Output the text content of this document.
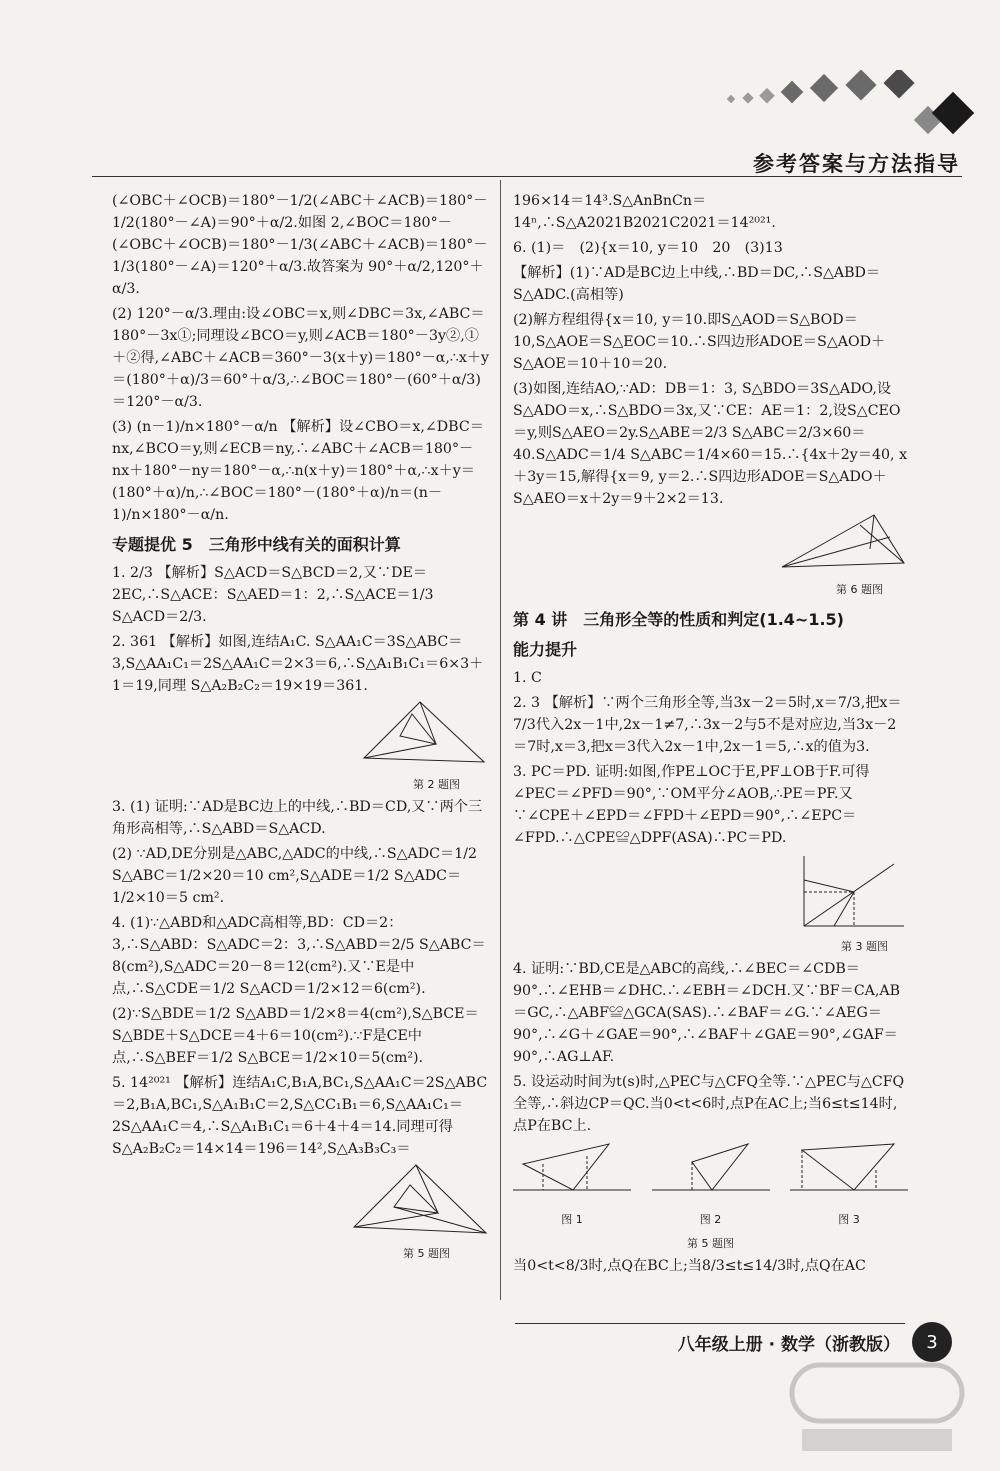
参考答案与方法指导

(∠OBC＋∠OCB)＝180°－1/2(∠ABC＋∠ACB)＝180°－1/2(180°－∠A)＝90°＋α/2.如图 2,∠BOC＝180°－(∠OBC＋∠OCB)＝180°－1/3(∠ABC＋∠ACB)＝180°－1/3(180°－∠A)＝120°＋α/3.故答案为 90°＋α/2,120°＋α/3.

(2) 120°－α/3.理由:设∠OBC＝x,则∠DBC＝3x,∠ABC＝180°－3x①;同理设∠BCO＝y,则∠ACB＝180°－3y②,①＋②得,∠ABC＋∠ACB＝360°－3(x＋y)＝180°－α,∴x＋y＝(180°＋α)/3＝60°＋α/3,∴∠BOC＝180°－(60°＋α/3)＝120°－α/3.

(3) (n－1)/n×180°－α/n 【解析】设∠CBO＝x,∠DBC＝nx,∠BCO＝y,则∠ECB＝ny,∴∠ABC＋∠ACB＝180°－nx＋180°－ny＝180°－α,∴n(x＋y)＝180°＋α,∴x＋y＝(180°＋α)/n,∴∠BOC＝180°－(180°＋α)/n＝(n－1)/n×180°－α/n.

专题提优 5　三角形中线有关的面积计算

1. 2/3 【解析】S△ACD＝S△BCD＝2,又∵DE＝2EC,∴S△ACE：S△AED＝1：2,∴S△ACE＝1/3 S△ACD＝2/3.

2. 361 【解析】如图,连结A₁C. S△AA₁C＝3S△ABC＝3,S△AA₁C₁＝2S△AA₁C＝2×3＝6,∴S△A₁B₁C₁＝6×3＋1＝19,同理 S△A₂B₂C₂＝19×19＝361.

第 2 题图

3. (1) 证明:∵AD是BC边上的中线,∴BD＝CD,又∵两个三角形高相等,∴S△ABD＝S△ACD.

(2) ∵AD,DE分别是△ABC,△ADC的中线,∴S△ADC＝1/2 S△ABC＝1/2×20＝10 cm²,S△ADE＝1/2 S△ADC＝1/2×10＝5 cm².

4. (1)∵△ABD和△ADC高相等,BD：CD＝2：3,∴S△ABD：S△ADC＝2：3,∴S△ABD＝2/5 S△ABC＝8(cm²),S△ADC＝20－8＝12(cm²).又∵E是中点,∴S△CDE＝1/2 S△ACD＝1/2×12＝6(cm²).

(2)∵S△BDE＝1/2 S△ABD＝1/2×8＝4(cm²),S△BCE＝S△BDE＋S△DCE＝4＋6＝10(cm²).∵F是CE中点,∴S△BEF＝1/2 S△BCE＝1/2×10＝5(cm²).

5. 14²⁰²¹ 【解析】连结A₁C,B₁A,BC₁,S△AA₁C＝2S△ABC＝2,B₁A,BC₁,S△A₁B₁C＝2,S△CC₁B₁＝6,S△AA₁C₁＝2S△AA₁C＝4,∴S△A₁B₁C₁＝6＋4＋4＝14.同理可得 S△A₂B₂C₂＝14×14＝196＝14²,S△A₃B₃C₃＝

第 5 题图

196×14＝14³.S△AnBnCn＝14ⁿ,∴S△A2021B2021C2021＝14²⁰²¹.

6. (1)＝　(2){x＝10, y＝10　20　(3)13

【解析】(1)∵AD是BC边上中线,∴BD＝DC,∴S△ABD＝S△ADC.(高相等)

(2)解方程组得{x＝10, y＝10.即S△AOD＝S△BOD＝10,S△AOE＝S△EOC＝10.∴S四边形ADOE＝S△AOD＋S△AOE＝10＋10＝20.

(3)如图,连结AO,∵AD：DB＝1：3, S△BDO＝3S△ADO,设S△ADO＝x,∴S△BDO＝3x,又∵CE：AE＝1：2,设S△CEO＝y,则S△AEO＝2y.S△ABE＝2/3 S△ABC＝2/3×60＝40.S△ADC＝1/4 S△ABC＝1/4×60＝15.∴{4x＋2y＝40, x＋3y＝15,解得{x＝9, y＝2.∴S四边形ADOE＝S△ADO＋S△AEO＝x＋2y＝9＋2×2＝13.

第 6 题图

第 4 讲　三角形全等的性质和判定(1.4~1.5)

能力提升

1. C

2. 3 【解析】∵两个三角形全等,当3x－2＝5时,x＝7/3,把x＝7/3代入2x－1中,2x－1≠7,∴3x－2与5不是对应边,当3x－2＝7时,x＝3,把x＝3代入2x－1中,2x－1＝5,∴x的值为3.

3. PC＝PD. 证明:如图,作PE⊥OC于E,PF⊥OB于F.可得∠PEC＝∠PFD＝90°,∵OM平分∠AOB,∴PE＝PF.又∵∠CPE＋∠EPD＝∠FPD＋∠EPD＝90°,∴∠EPC＝∠FPD.∴△CPE≌△DPF(ASA)∴PC＝PD.

第 3 题图

4. 证明:∵BD,CE是△ABC的高线,∴∠BEC＝∠CDB＝90°.∴∠EHB＝∠DHC.∴∠EBH＝∠DCH.又∵BF＝CA,AB＝GC,∴△ABF≌△GCA(SAS).∴∠BAF＝∠G.∵∠AEG＝90°,∴∠G＋∠GAE＝90°,∴∠BAF＋∠GAE＝90°,∠GAF＝90°,∴AG⊥AF.

5. 设运动时间为t(s)时,△PEC与△CFQ全等.∵△PEC与△CFQ全等,∴斜边CP＝QC.当0<t<6时,点P在AC上;当6≤t≤14时,点P在BC上.

图 1	图 2	图 3
第 5 题图

当0<t<8/3时,点Q在BC上;当8/3≤t≤14/3时,点Q在AC

八年级上册 · 数学（浙教版）	3
